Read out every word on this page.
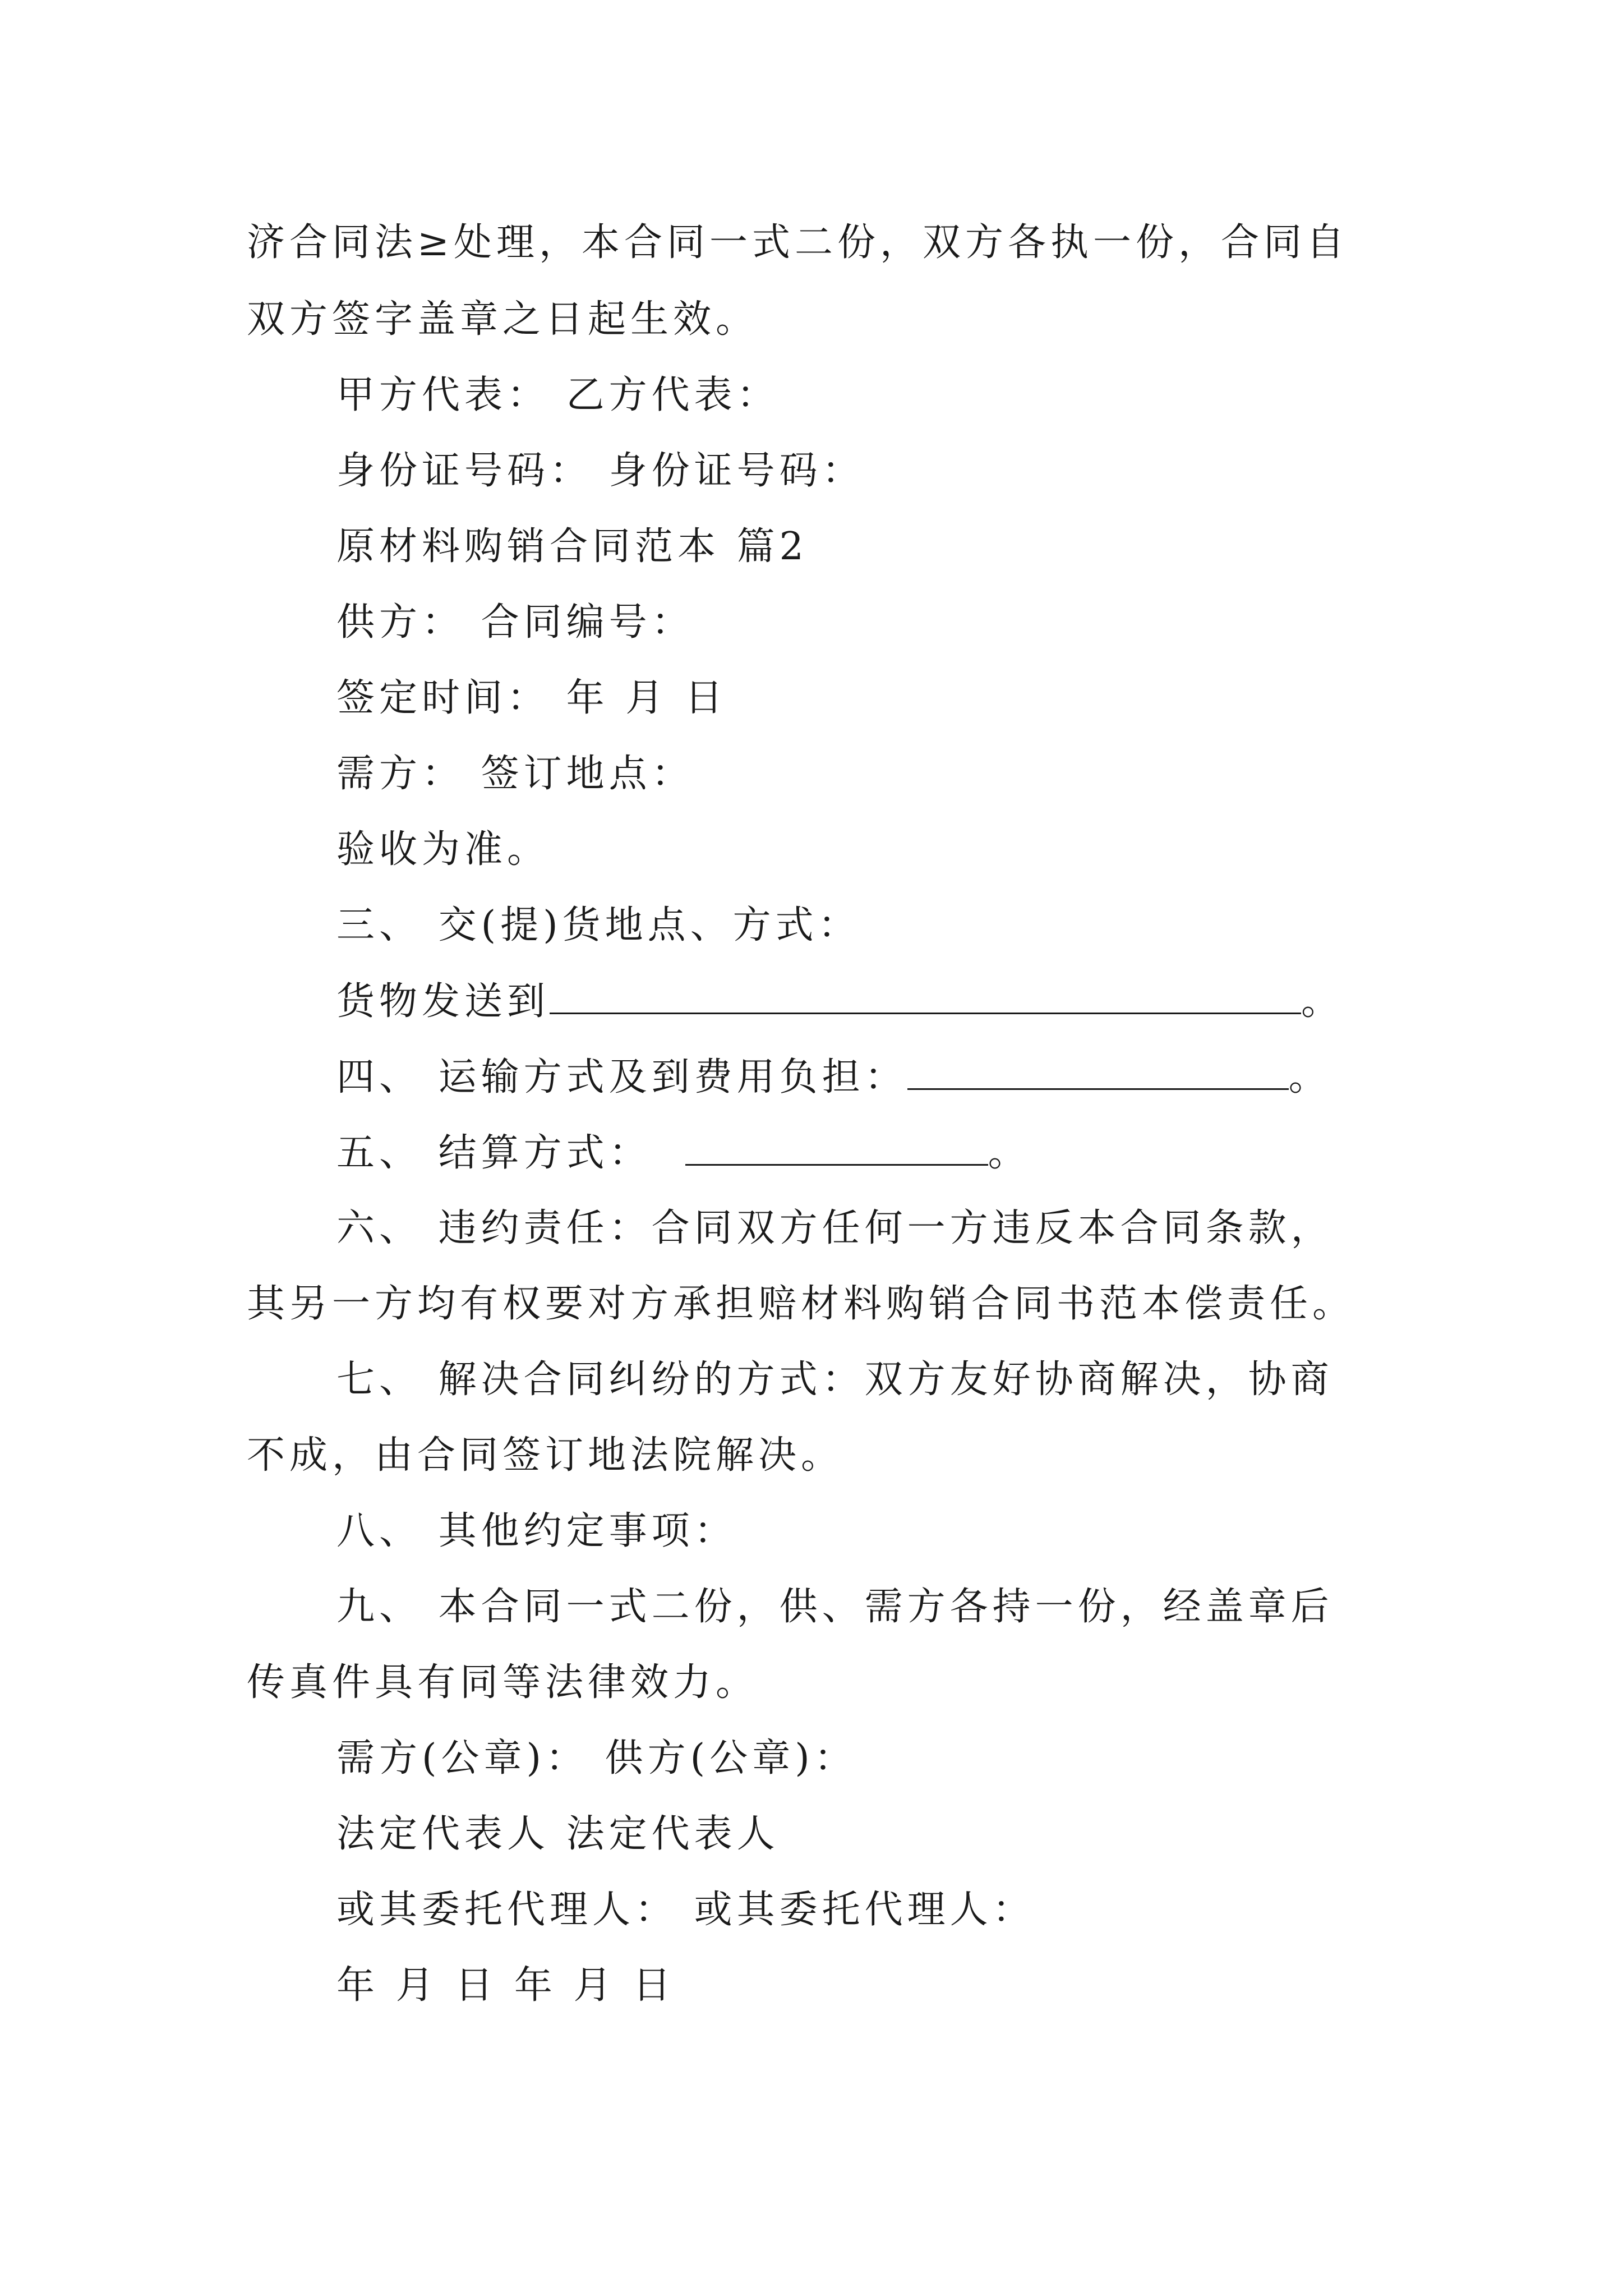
济合同法≥处理，本合同一式二份，双方各执一份，合同自
双方签字盖章之日起生效。
甲方代表： 乙方代表：
身份证号码： 身份证号码：
原材料购销合同范本 篇2
供方： 合同编号：
签定时间： 年 月 日
需方： 签订地点：
验收为准。
三、 交(提)货地点、方式：
货物发送到	。
四、 运输方式及到费用负担：	。
五、 结算方式：	。
六、 违约责任：合同双方任何一方违反本合同条款，
其另一方均有权要对方承担赔材料购销合同书范本偿责任。
七、 解决合同纠纷的方式：双方友好协商解决，协商
不成，由合同签订地法院解决。
八、 其他约定事项：
九、 本合同一式二份，供、需方各持一份，经盖章后
传真件具有同等法律效力。
需方(公章)： 供方(公章)：
法定代表人 法定代表人
或其委托代理人： 或其委托代理人：
年 月 日 年 月 日
